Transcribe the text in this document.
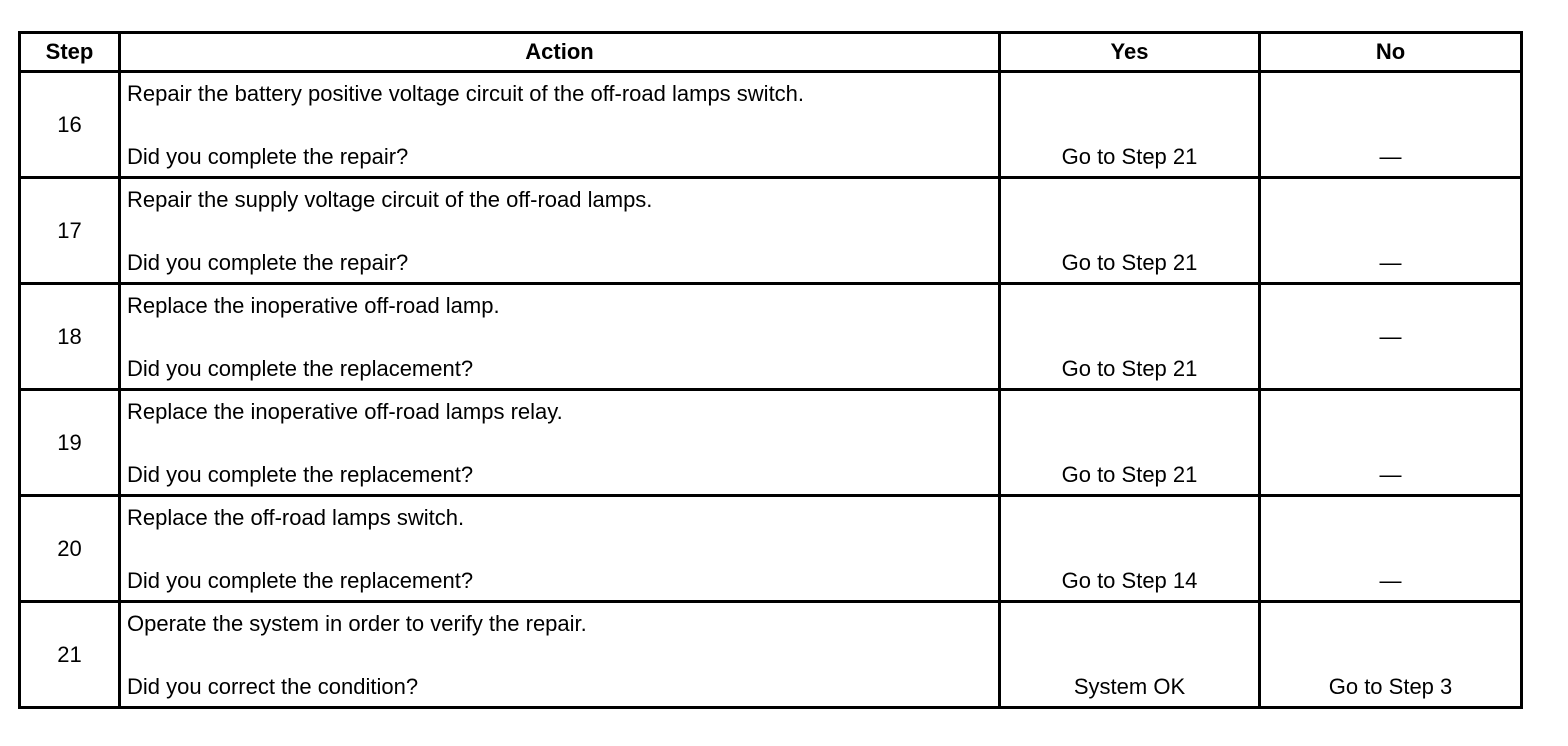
Step	Action	Yes	No
16	Repair the battery positive voltage circuit of the off-road lamps switch.
Did you complete the repair?	Go to Step 21	—

17	Repair the supply voltage circuit of the off-road lamps.
Did you complete the repair?	Go to Step 21	—

18	Replace the inoperative off-road lamp.
Did you complete the replacement?	Go to Step 21	—

19	Replace the inoperative off-road lamps relay.
Did you complete the replacement?	Go to Step 21	—

20	Replace the off-road lamps switch.
Did you complete the replacement?	Go to Step 14	—

21	Operate the system in order to verify the repair.
Did you correct the condition?	System OK	Go to Step 3
